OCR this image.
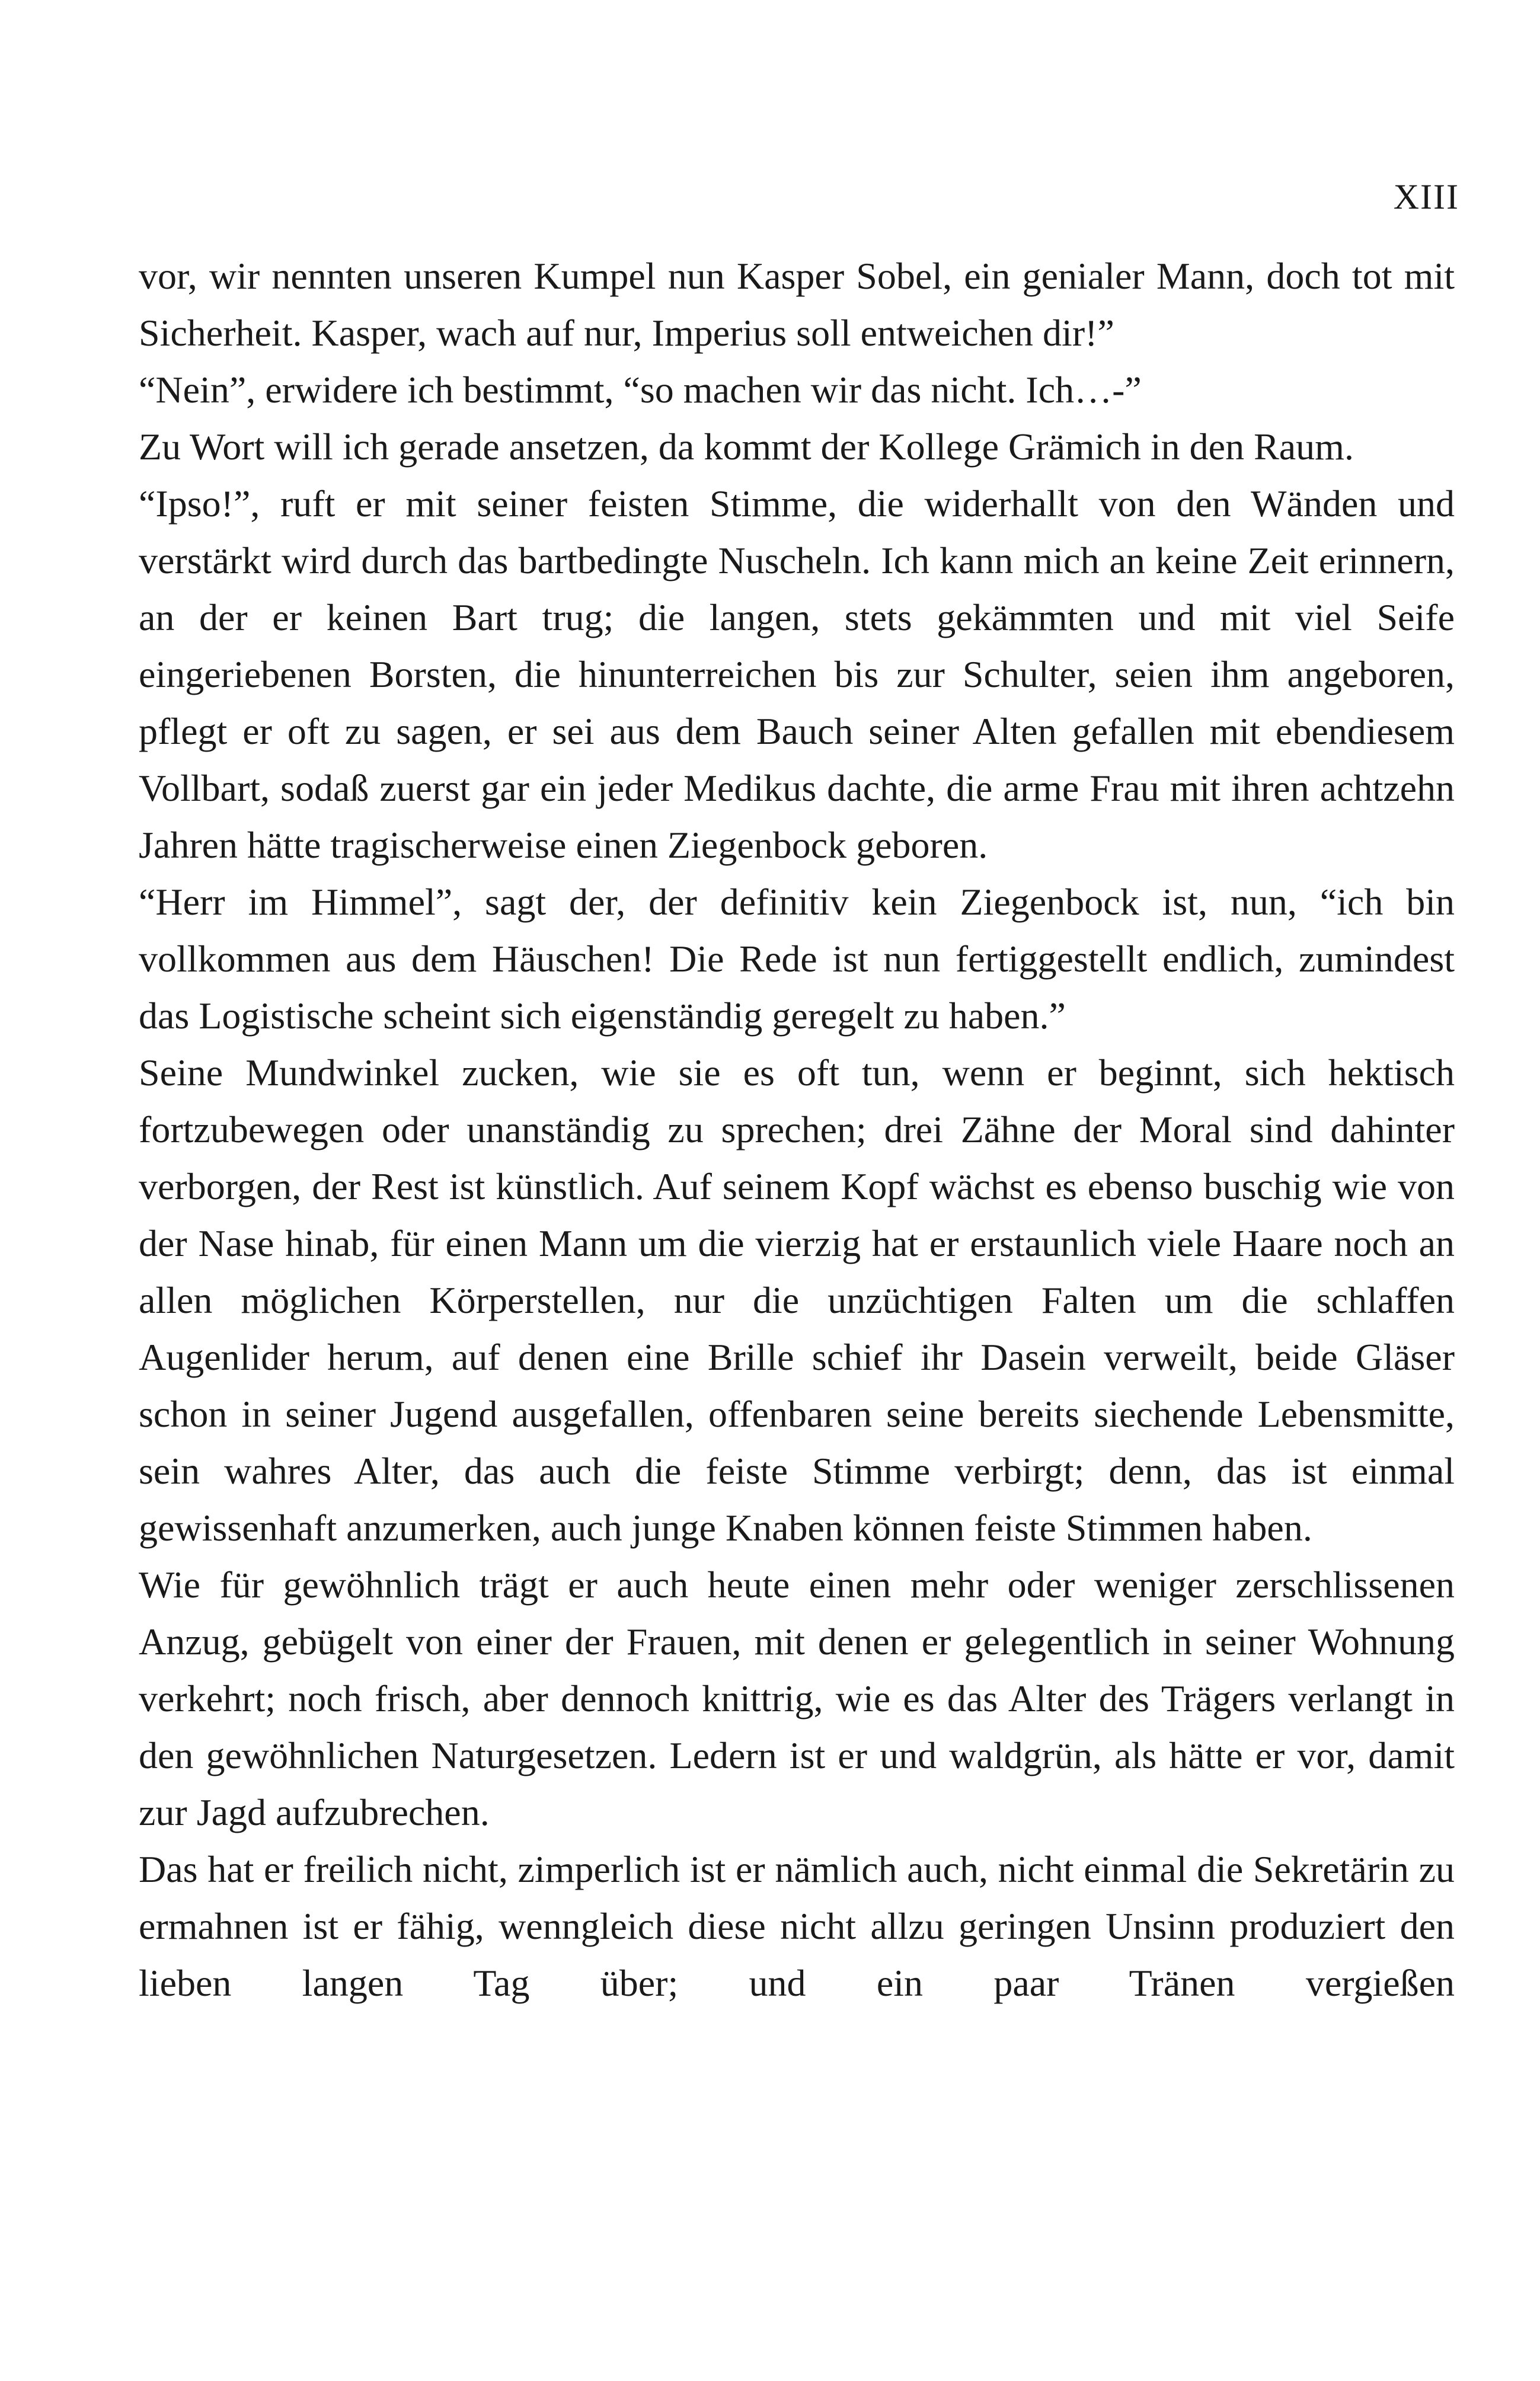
XIII

vor, wir nennten unseren Kumpel nun Kasper Sobel, ein genialer Mann, doch tot mit Sicherheit. Kasper, wach auf nur, Imperius soll entweichen dir!”

“Nein”, erwidere ich bestimmt, “so machen wir das nicht. Ich…-”

Zu Wort will ich gerade ansetzen, da kommt der Kollege Grämich in den Raum.

“Ipso!”, ruft er mit seiner feisten Stimme, die widerhallt von den Wänden und verstärkt wird durch das bartbedingte Nuscheln. Ich kann mich an keine Zeit erinnern, an der er keinen Bart trug; die langen, stets gekämmten und mit viel Seife eingeriebenen Borsten, die hinunterreichen bis zur Schulter, seien ihm angeboren, pflegt er oft zu sagen, er sei aus dem Bauch seiner Alten gefallen mit ebendiesem Vollbart, sodaß zuerst gar ein jeder Medikus dachte, die arme Frau mit ihren achtzehn Jahren hätte tragischerweise einen Ziegenbock geboren.

“Herr im Himmel”, sagt der, der definitiv kein Ziegenbock ist, nun, “ich bin vollkommen aus dem Häuschen! Die Rede ist nun fertiggestellt endlich, zumindest das Logistische scheint sich eigenständig geregelt zu haben.”

Seine Mundwinkel zucken, wie sie es oft tun, wenn er beginnt, sich hektisch fortzubewegen oder unanständig zu sprechen; drei Zähne der Moral sind dahinter verborgen, der Rest ist künstlich. Auf seinem Kopf wächst es ebenso buschig wie von der Nase hinab, für einen Mann um die vierzig hat er erstaunlich viele Haare noch an allen möglichen Körperstellen, nur die unzüchtigen Falten um die schlaffen Augenlider herum, auf denen eine Brille schief ihr Dasein verweilt, beide Gläser schon in seiner Jugend ausgefallen, offenbaren seine bereits siechende Lebensmitte, sein wahres Alter, das auch die feiste Stimme verbirgt; denn, das ist einmal gewissenhaft anzumerken, auch junge Knaben können feiste Stimmen haben.

Wie für gewöhnlich trägt er auch heute einen mehr oder weniger zerschlissenen Anzug, gebügelt von einer der Frauen, mit denen er gelegentlich in seiner Wohnung verkehrt; noch frisch, aber dennoch knittrig, wie es das Alter des Trägers verlangt in den gewöhnlichen Naturgesetzen. Ledern ist er und waldgrün, als hätte er vor, damit zur Jagd aufzubrechen.

Das hat er freilich nicht, zimperlich ist er nämlich auch, nicht einmal die Sekretärin zu ermahnen ist er fähig, wenngleich diese nicht allzu geringen Unsinn produziert den lieben langen Tag über; und ein paar Tränen vergießen
